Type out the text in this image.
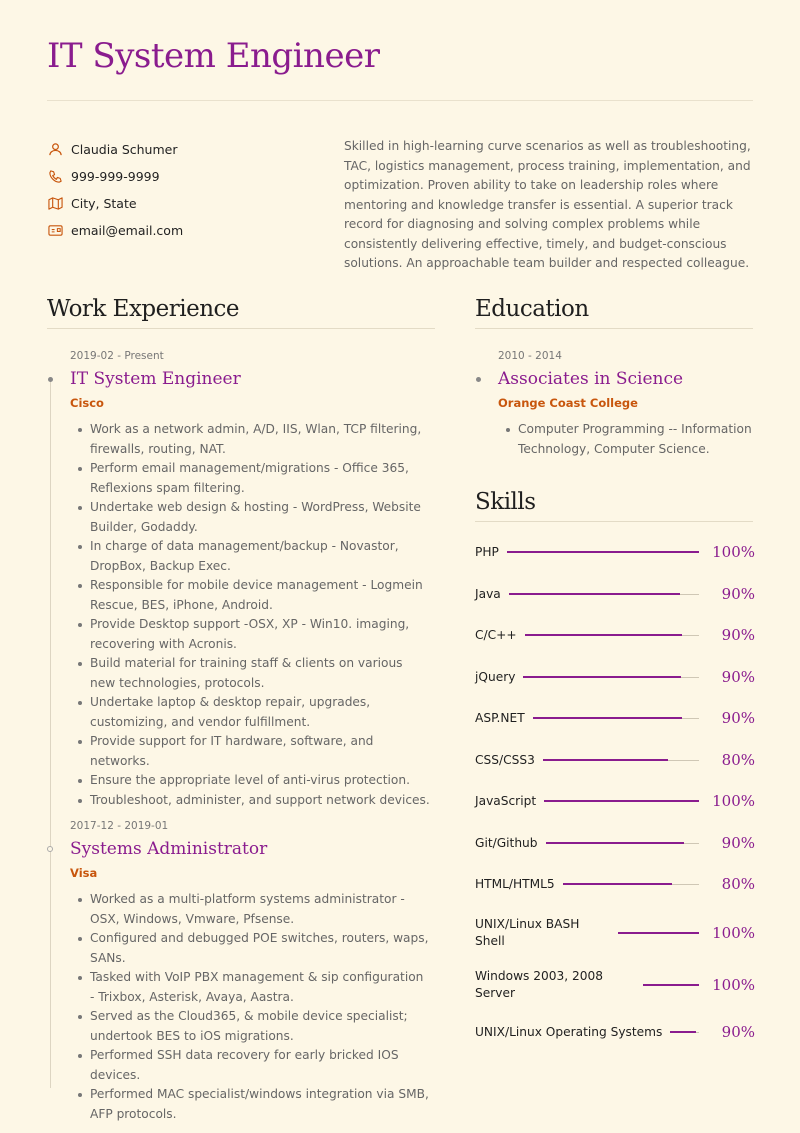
IT System Engineer
Claudia Schumer
999-999-9999
City, State
email@email.com
Skilled in high-learning curve scenarios as well as troubleshooting, TAC, logistics management, process training, implementation, and optimization. Proven ability to take on leadership roles where mentoring and knowledge transfer is essential. A superior track record for diagnosing and solving complex problems while consistently delivering effective, timely, and budget-conscious solutions. An approachable team builder and respected colleague.
Work Experience
2019-02 - Present
IT System Engineer
Cisco
Work as a network admin, A/D, IIS, Wlan, TCP filtering, firewalls, routing, NAT.
Perform email management/migrations - Office 365, Reflexions spam filtering.
Undertake web design & hosting - WordPress, Website Builder, Godaddy.
In charge of data management/backup - Novastor, DropBox, Backup Exec.
Responsible for mobile device management - Logmein Rescue, BES, iPhone, Android.
Provide Desktop support -OSX, XP - Win10. imaging, recovering with Acronis.
Build material for training staff & clients on various new technologies, protocols.
Undertake laptop & desktop repair, upgrades, customizing, and vendor fulfillment.
Provide support for IT hardware, software, and networks.
Ensure the appropriate level of anti-virus protection.
Troubleshoot, administer, and support network devices.
2017-12 - 2019-01
Systems Administrator
Visa
Worked as a multi-platform systems administrator -OSX, Windows, Vmware, Pfsense.
Configured and debugged POE switches, routers, waps, SANs.
Tasked with VoIP PBX management & sip configuration - Trixbox, Asterisk, Avaya, Aastra.
Served as the Cloud365, & mobile device specialist; undertook BES to iOS migrations.
Performed SSH data recovery for early bricked IOS devices.
Performed MAC specialist/windows integration via SMB, AFP protocols.
Education
2010 - 2014
Associates in Science
Orange Coast College
Computer Programming -- Information Technology, Computer Science.
Skills
PHP	100%
Java	90%
C/C++	90%
jQuery	90%
ASP.NET	90%
CSS/CSS3	80%
JavaScript	100%
Git/Github	90%
HTML/HTML5	80%
UNIX/Linux BASH Shell	100%
Windows 2003, 2008 Server	100%
UNIX/Linux Operating Systems	90%
